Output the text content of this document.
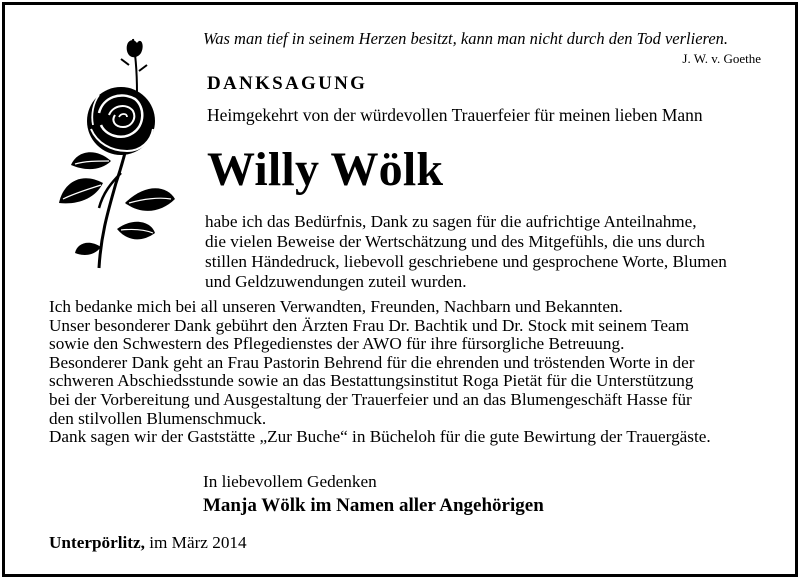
Was man tief in seinem Herzen besitzt, kann man nicht durch den Tod verlieren.
J. W. v. Goethe
DANKSAGUNG
Heimgekehrt von der würdevollen Trauerfeier für meinen lieben Mann
Willy Wölk

habe ich das Bedürfnis, Dank zu sagen für die aufrichtige Anteilnahme,

die vielen Beweise der Wertschätzung und des Mitgefühls, die uns durch

stillen Händedruck, liebevoll geschriebene und gesprochene Worte, Blumen

und Geldzuwendungen zuteil wurden.

Ich bedanke mich bei all unseren Verwandten, Freunden, Nachbarn und Bekannten.

Unser besonderer Dank gebührt den Ärzten Frau Dr. Bachtik und Dr. Stock mit seinem Team

sowie den Schwestern des Pflegedienstes der AWO für ihre fürsorgliche Betreuung.

Besonderer Dank geht an Frau Pastorin Behrend für die ehrenden und tröstenden Worte in der

schweren Abschiedsstunde sowie an das Bestattungsinstitut Roga Pietät für die Unterstützung

bei der Vorbereitung und Ausgestaltung der Trauerfeier und an das Blumengeschäft Hasse für

den stilvollen Blumenschmuck.

Dank sagen wir der Gaststätte „Zur Buche“ in Bücheloh für die gute Bewirtung der Trauergäste.

In liebevollem Gedenken
Manja Wölk im Namen aller Angehörigen
Unterpörlitz, im März 2014
